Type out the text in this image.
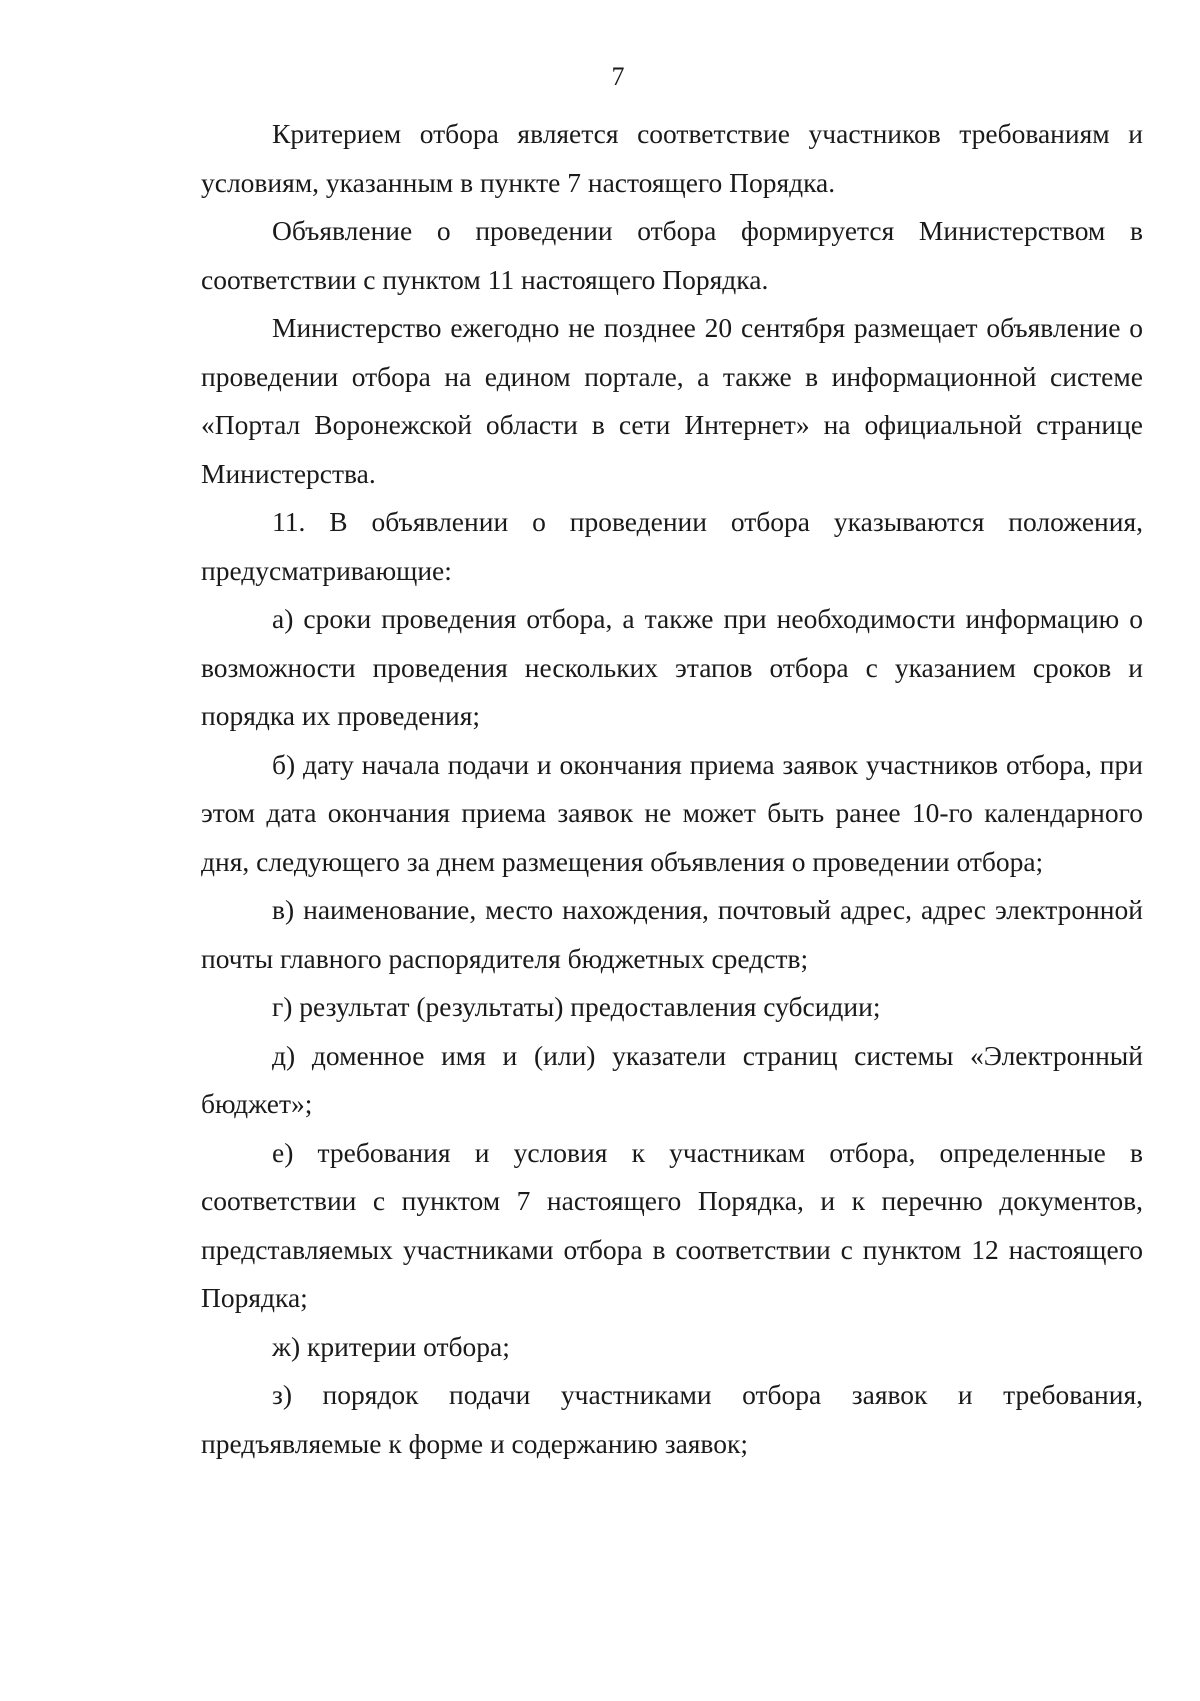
7

Критерием отбора является соответствие участников требованиям и условиям, указанным в пункте 7 настоящего Порядка.

Объявление о проведении отбора формируется Министерством в соответствии с пунктом 11 настоящего Порядка.

Министерство ежегодно не позднее 20 сентября размещает объявление о проведении отбора на едином портале, а также в информационной системе «Портал Воронежской области в сети Интернет» на официальной странице Министерства.

11. В объявлении о проведении отбора указываются положения, предусматривающие:

а) сроки проведения отбора, а также при необходимости информацию о возможности проведения нескольких этапов отбора с указанием сроков и порядка их проведения;

б) дату начала подачи и окончания приема заявок участников отбора, при этом дата окончания приема заявок не может быть ранее 10-го календарного дня, следующего за днем размещения объявления о проведении отбора;

в) наименование, место нахождения, почтовый адрес, адрес электронной почты главного распорядителя бюджетных средств;

г) результат (результаты) предоставления субсидии;

д) доменное имя и (или) указатели страниц системы «Электронный бюджет»;

е) требования и условия к участникам отбора, определенные в соответствии с пунктом 7 настоящего Порядка, и к перечню документов, представляемых участниками отбора в соответствии с пунктом 12 настоящего Порядка;

ж) критерии отбора;

з) порядок подачи участниками отбора заявок и требования, предъявляемые к форме и содержанию заявок;
